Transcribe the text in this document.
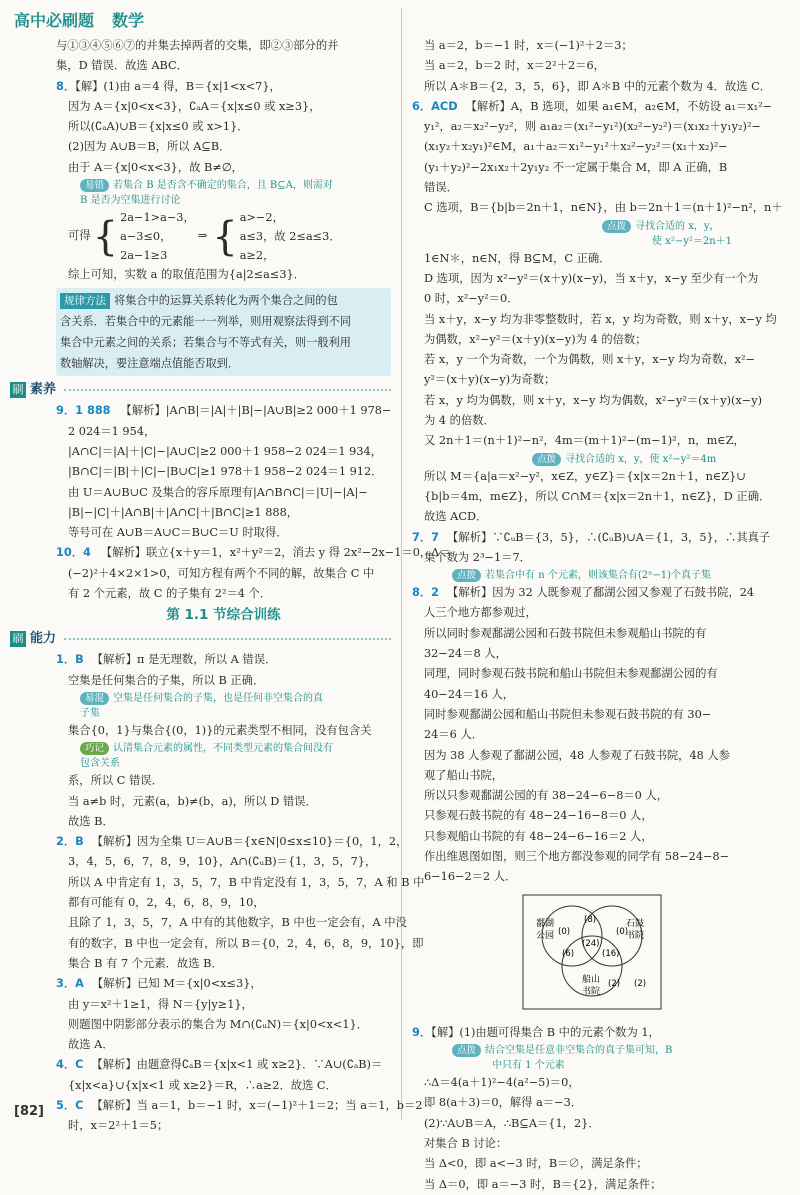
高中必刷题 数学
与①③④⑤⑥⑦的并集去掉两者的交集，即②③部分的并
集，D 错误．故选 ABC．
8．【解】(1)由 a＝4 得，B＝{x|1<x<7}，
因为 A＝{x|0<x<3}，∁ₐA＝{x|x≤0 或 x≥3}，
所以(∁ₐA)∪B＝{x|x≤0 或 x>1}．
(2)因为 A∪B＝B，所以 A⊆B．
由于 A＝{x|0<x<3}，故 B≠∅，
易错 若集合 B 是否含不确定的集合，且 B⊆A，则需对
B 是否为空集进行讨论
可得 { 2a−1>a−3，
a−3≤0，
2a−1≥3
⇒ { a>−2，
a≤3，故 2≤a≤3．
a≥2，
综上可知，实数 a 的取值范围为{a|2≤a≤3}．
规律方法 将集合中的运算关系转化为两个集合之间的包
含关系．若集合中的元素能一一列举，则用观察法得到不同
集合中元素之间的关系；若集合与不等式有关，则一般利用
数轴解决，要注意端点值能否取到．
刷 素养
9．1 888 【解析】|A∩B|＝|A|＋|B|−|A∪B|≥2 000＋1 978−
2 024＝1 954，
|A∩C|＝|A|＋|C|−|A∪C|≥2 000＋1 958−2 024＝1 934，
|B∩C|＝|B|＋|C|−|B∪C|≥1 978＋1 958−2 024＝1 912．
由 U＝A∪B∪C 及集合的容斥原理有|A∩B∩C|＝|U|−|A|−
|B|−|C|＋|A∩B|＋|A∩C|＋|B∩C|≥1 888，
等号可在 A∪B＝A∪C＝B∪C＝U 时取得．
10．4 【解析】联立{x＋y＝1，x²＋y²＝2，消去 y 得 2x²−2x−1＝0，Δ＝
(−2)²＋4×2×1>0，可知方程有两个不同的解，故集合 C 中
有 2 个元素，故 C 的子集有 2²＝4 个．
第 1.1 节综合训练
刷 能力
1．B 【解析】π 是无理数，所以 A 错误．
空集是任何集合的子集，所以 B 正确．
易混 空集是任何集合的子集，也是任何非空集合的真
子集
集合{0，1}与集合{(0，1)}的元素类型不相同，没有包含关
巧记 认清集合元素的属性，不同类型元素的集合间没有
包含关系
系，所以 C 错误．
当 a≠b 时，元素(a，b)≠(b，a)，所以 D 错误．
故选 B．
2．B 【解析】因为全集 U＝A∪B＝{x∈N|0≤x≤10}＝{0，1，2，
3，4，5，6，7，8，9，10}，A∩(∁ᵤB)＝{1，3，5，7}，
所以 A 中肯定有 1，3，5，7，B 中肯定没有 1，3，5，7，A 和 B 中
都有可能有 0，2，4，6，8，9，10，
且除了 1，3，5，7，A 中有的其他数字，B 中也一定会有，A 中没
有的数字，B 中也一定会有，所以 B＝{0，2，4，6，8，9，10}，即
集合 B 有 7 个元素．故选 B．
3．A 【解析】已知 M＝{x|0<x≤3}，
由 y＝x²＋1≥1，得 N＝{y|y≥1}，
则题图中阴影部分表示的集合为 M∩(∁ᵤN)＝{x|0<x<1}．
故选 A．
4．C 【解析】由题意得∁ₐB＝{x|x<1 或 x≥2}．∵A∪(∁ₐB)＝
{x|x<a}∪{x|x<1 或 x≥2}＝R，∴a≥2．故选 C．
5．C 【解析】当 a＝1，b＝−1 时，x＝(−1)²＋1＝2；当 a＝1，b＝2
时，x＝2²＋1＝5；
当 a＝2，b＝−1 时，x＝(−1)²＋2＝3；
当 a＝2，b＝2 时，x＝2²＋2＝6，
所以 A＊B＝{2，3，5，6}，即 A＊B 中的元素个数为 4．故选 C．
6．ACD 【解析】A，B 选项，如果 a₁∈M，a₂∈M，不妨设 a₁＝x₁²−
y₁²，a₂＝x₂²−y₂²，则 a₁a₂＝(x₁²−y₁²)(x₂²−y₂²)＝(x₁x₂＋y₁y₂)²−
(x₁y₂＋x₂y₁)²∈M，a₁＋a₂＝x₁²−y₁²＋x₂²−y₂²＝(x₁＋x₂)²−
(y₁＋y₂)²−2x₁x₂＋2y₁y₂ 不一定属于集合 M，即 A 正确，B
错误．
C 选项，B＝{b|b＝2n＋1，n∈N}，由 b＝2n＋1＝(n＋1)²−n²，n＋
点拨 寻找合适的 x，y，
使 x²−y²＝2n＋1
1∈N＊，n∈N，得 B⊆M，C 正确．
D 选项，因为 x²−y²＝(x＋y)(x−y)，当 x＋y，x−y 至少有一个为
0 时，x²−y²＝0．
当 x＋y，x−y 均为非零整数时，若 x，y 均为奇数，则 x＋y，x−y 均
为偶数，x²−y²＝(x＋y)(x−y)为 4 的倍数；
若 x，y 一个为奇数，一个为偶数，则 x＋y，x−y 均为奇数，x²−
y²＝(x＋y)(x−y)为奇数；
若 x，y 均为偶数，则 x＋y，x−y 均为偶数，x²−y²＝(x＋y)(x−y)
为 4 的倍数．
又 2n＋1＝(n＋1)²−n²，4m＝(m＋1)²−(m−1)²，n，m∈Z，
点拨 寻找合适的 x，y，使 x²−y²＝4m
所以 M＝{a|a＝x²−y²，x∈Z，y∈Z}＝{x|x＝2n＋1，n∈Z}∪
{b|b＝4m，m∈Z}，所以 C∩M＝{x|x＝2n＋1，n∈Z}，D 正确．
故选 ACD．
7．7 【解析】∵∁ᵤB＝{3，5}，∴(∁ᵤB)∪A＝{1，3，5}，∴其真子
集个数为 2³−1＝7．
点拨 若集合中有 n 个元素，则该集合有(2ⁿ−1)个真子集
8．2 【解析】因为 32 人既参观了鄱湖公园又参观了石鼓书院，24
人三个地方都参观过，
所以同时参观鄱湖公园和石鼓书院但未参观船山书院的有
32−24＝8 人，
同理，同时参观石鼓书院和船山书院但未参观鄱湖公园的有
40−24＝16 人，
同时参观鄱湖公园和船山书院但未参观石鼓书院的有 30−
24＝6 人．
因为 38 人参观了鄱湖公园，48 人参观了石鼓书院，48 人参
观了船山书院，
所以只参观鄱湖公园的有 38−24−6−8＝0 人，
只参观石鼓书院的有 48−24−16−8＝0 人，
只参观船山书院的有 48−24−6−16＝2 人，
作出维恩图如图，则三个地方都没参观的同学有 58−24−8−
6−16−2＝2 人．
鄱湖
公园
石鼓
书院
船山
书院
(0)
(8)
(0)
(24)
(6)	(16)
(2) (2)
9．【解】(1)由题可得集合 B 中的元素个数为 1，
点拨 结合空集是任意非空集合的真子集可知，B
中只有 1 个元素
∴Δ＝4(a＋1)²−4(a²−5)＝0，
即 8(a＋3)＝0，解得 a＝−3．
(2)∵A∪B＝A，∴B⊆A＝{1，2}．
对集合 B 讨论：
当 Δ<0，即 a<−3 时，B＝∅，满足条件；
当 Δ＝0，即 a＝−3 时，B＝{2}，满足条件；
[82]
